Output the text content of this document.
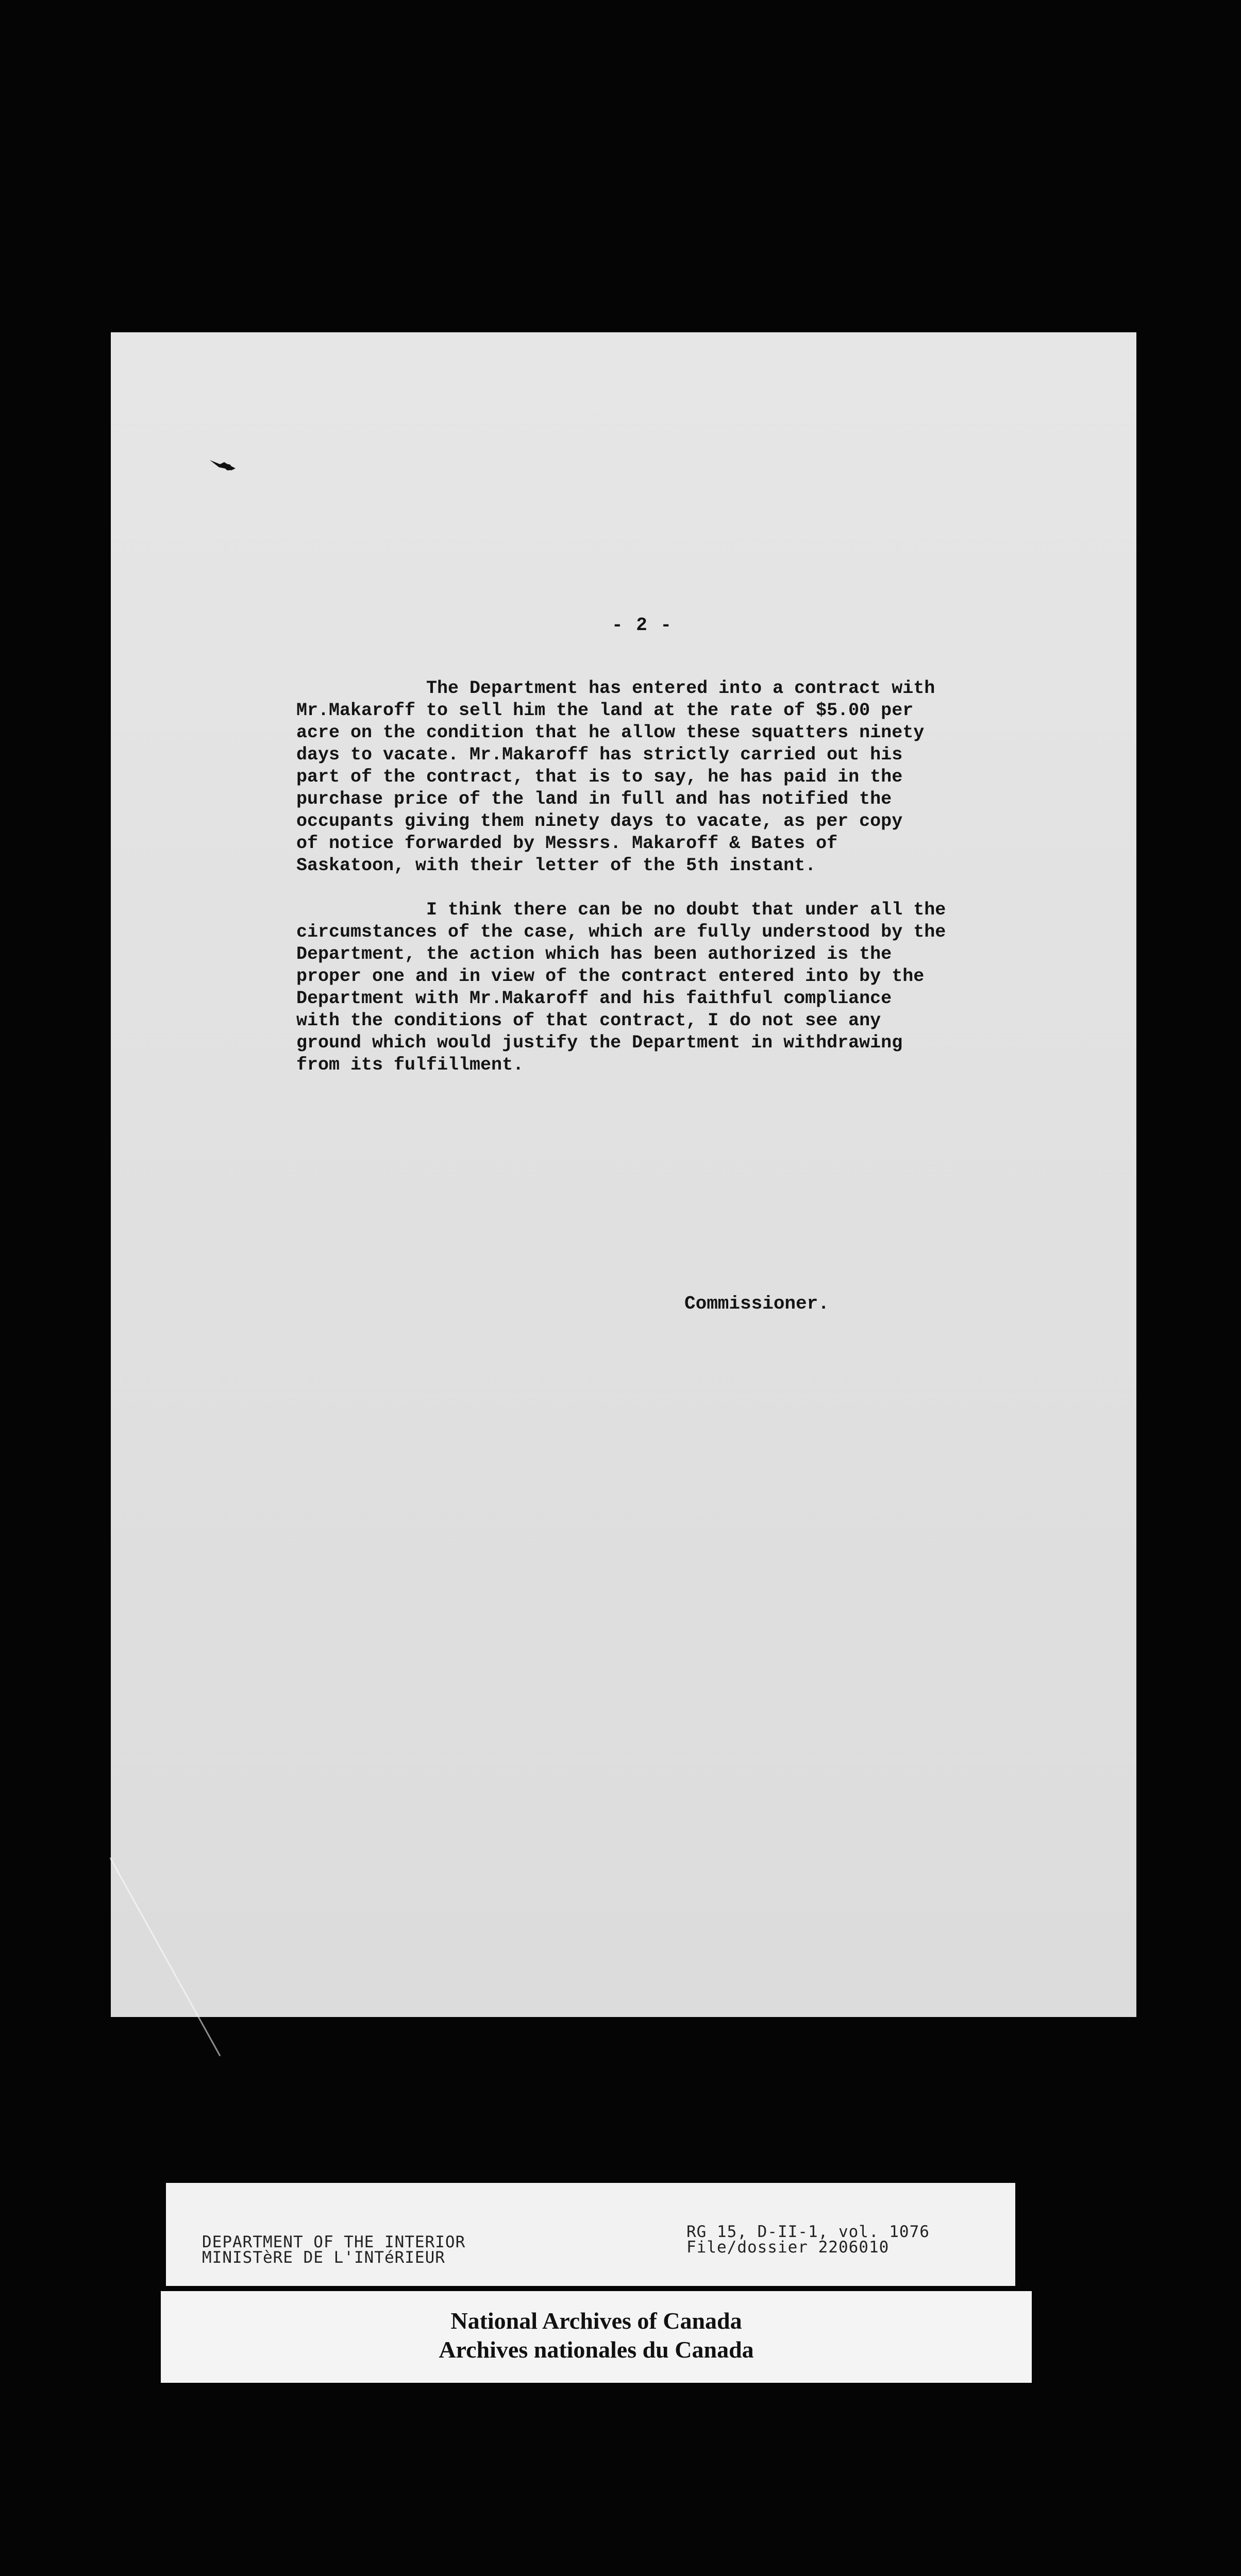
- 2 -
The Department has entered into a contract with
Mr.Makaroff to sell him the land at the rate of $5.00 per
acre on the condition that he allow these squatters ninety
days to vacate. Mr.Makaroff has strictly carried out his
part of the contract, that is to say, he has paid in the
purchase price of the land in full and has notified the
occupants giving them ninety days to vacate, as per copy
of notice forwarded by Messrs. Makaroff & Bates of
Saskatoon, with their letter of the 5th instant.
I think there can be no doubt that under all the
circumstances of the case, which are fully understood by the
Department, the action which has been authorized is the
proper one and in view of the contract entered into by the
Department with Mr.Makaroff and his faithful compliance
with the conditions of that contract, I do not see any
ground which would justify the Department in withdrawing
from its fulfillment.
Commissioner.
DEPARTMENT OF THE INTERIOR
MINISTèRE DE L'INTéRIEUR
RG 15, D-II-1, vol. 1076
File/dossier 2206010
National Archives of Canada
Archives nationales du Canada
